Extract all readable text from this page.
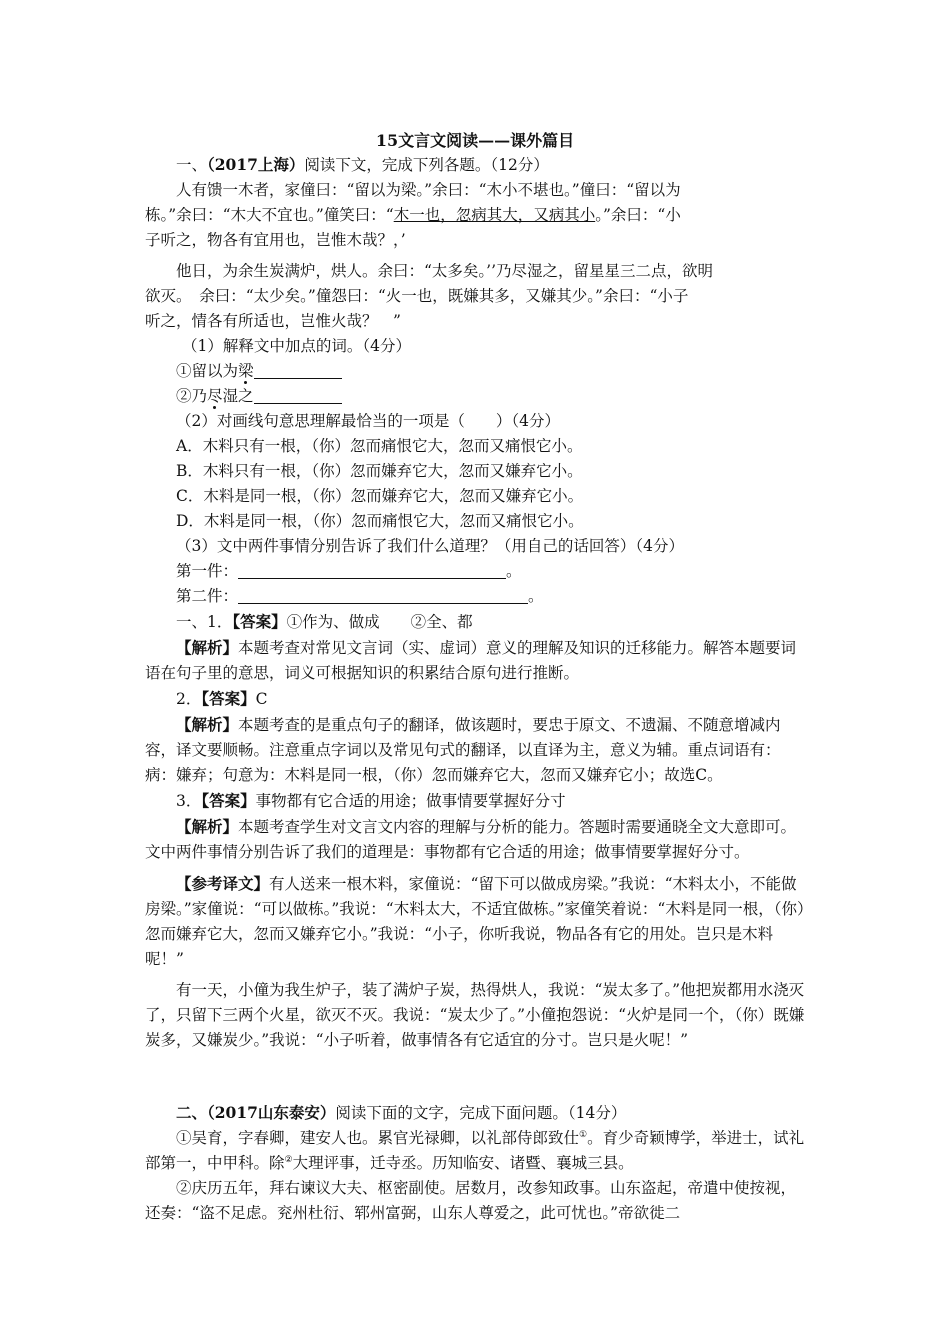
15文言文阅读——课外篇目

一、（2017上海）阅读下文，完成下列各题。（12分）

人有馈一木者，家僮曰：“留以为梁。”余曰：“木小不堪也。”僮曰：“留以为

栋。”余曰：“木大不宜也。”僮笑曰：“木一也，忽病其大，又病其小。”余曰：“小

子听之，物各有宜用也，岂惟木哉？，’

他日，为余生炭满炉，烘人。余曰：“太多矣。’’乃尽湿之，留星星三二点，欲明

欲灭。　余曰：“太少矣。”僮怨曰：“火一也，既嫌其多，又嫌其少。”余曰：“小子

听之，情各有所适也，岂惟火哉？　”

（1）解释文中加点的词。（4分）

①留以为梁

②乃尽湿之

（2）对画线句意思理解最恰当的一项是（　　）（4分）

A．木料只有一根，（你）忽而痛恨它大，忽而又痛恨它小。

B．木料只有一根，（你）忽而嫌弃它大，忽而又嫌弃它小。

C．木料是同一根，（你）忽而嫌弃它大，忽而又嫌弃它小。

D．木料是同一根，（你）忽而痛恨它大，忽而又痛恨它小。

（3）文中两件事情分别告诉了我们什么道理？（用自己的话回答）（4分）

第一件：	。

第二件：	。

一、1．【答案】①作为、做成　　②全、都

【解析】本题考查对常见文言词（实、虚词）意义的理解及知识的迁移能力。解答本题要词语在句子里的意思，词义可根据知识的积累结合原句进行推断。

2．【答案】C

【解析】本题考查的是重点句子的翻译，做该题时，要忠于原文、不遗漏、不随意增减内容，译文要顺畅。注意重点字词以及常见句式的翻译，以直译为主，意义为辅。重点词语有：病：嫌弃；句意为：木料是同一根，（你）忽而嫌弃它大，忽而又嫌弃它小；故选C。

3．【答案】事物都有它合适的用途；做事情要掌握好分寸

【解析】本题考查学生对文言文内容的理解与分析的能力。答题时需要通晓全文大意即可。文中两件事情分别告诉了我们的道理是：事物都有它合适的用途；做事情要掌握好分寸。

【参考译文】有人送来一根木料，家僮说：“留下可以做成房梁。”我说：“木料太小，不能做房梁。”家僮说：“可以做栋。”我说：“木料太大，不适宜做栋。”家僮笑着说：“木料是同一根，（你）忽而嫌弃它大，忽而又嫌弃它小。”我说：“小子，你听我说，物品各有它的用处。岂只是木料呢！”

有一天，小僮为我生炉子，装了满炉子炭，热得烘人，我说：“炭太多了。”他把炭都用水浇灭了，只留下三两个火星，欲灭不灭。我说：“炭太少了。”小僮抱怨说：“火炉是同一个，（你）既嫌炭多，又嫌炭少。”我说：“小子听着，做事情各有它适宜的分寸。岂只是火呢！”

二、（2017山东泰安）阅读下面的文字，完成下面问题。（14分）

①吴育，字春卿，建安人也。累官光禄卿，以礼部侍郎致仕①。育少奇颖博学，举进士，试礼部第一，中甲科。除②大理评事，迁寺丞。历知临安、诸暨、襄城三县。

②庆历五年，拜右谏议大夫、枢密副使。居数月，改参知政事。山东盗起，帝遣中使按视，还奏：“盗不足虑。兖州杜衍、郓州富弼，山东人尊爱之，此可忧也。”帝欲徙二
